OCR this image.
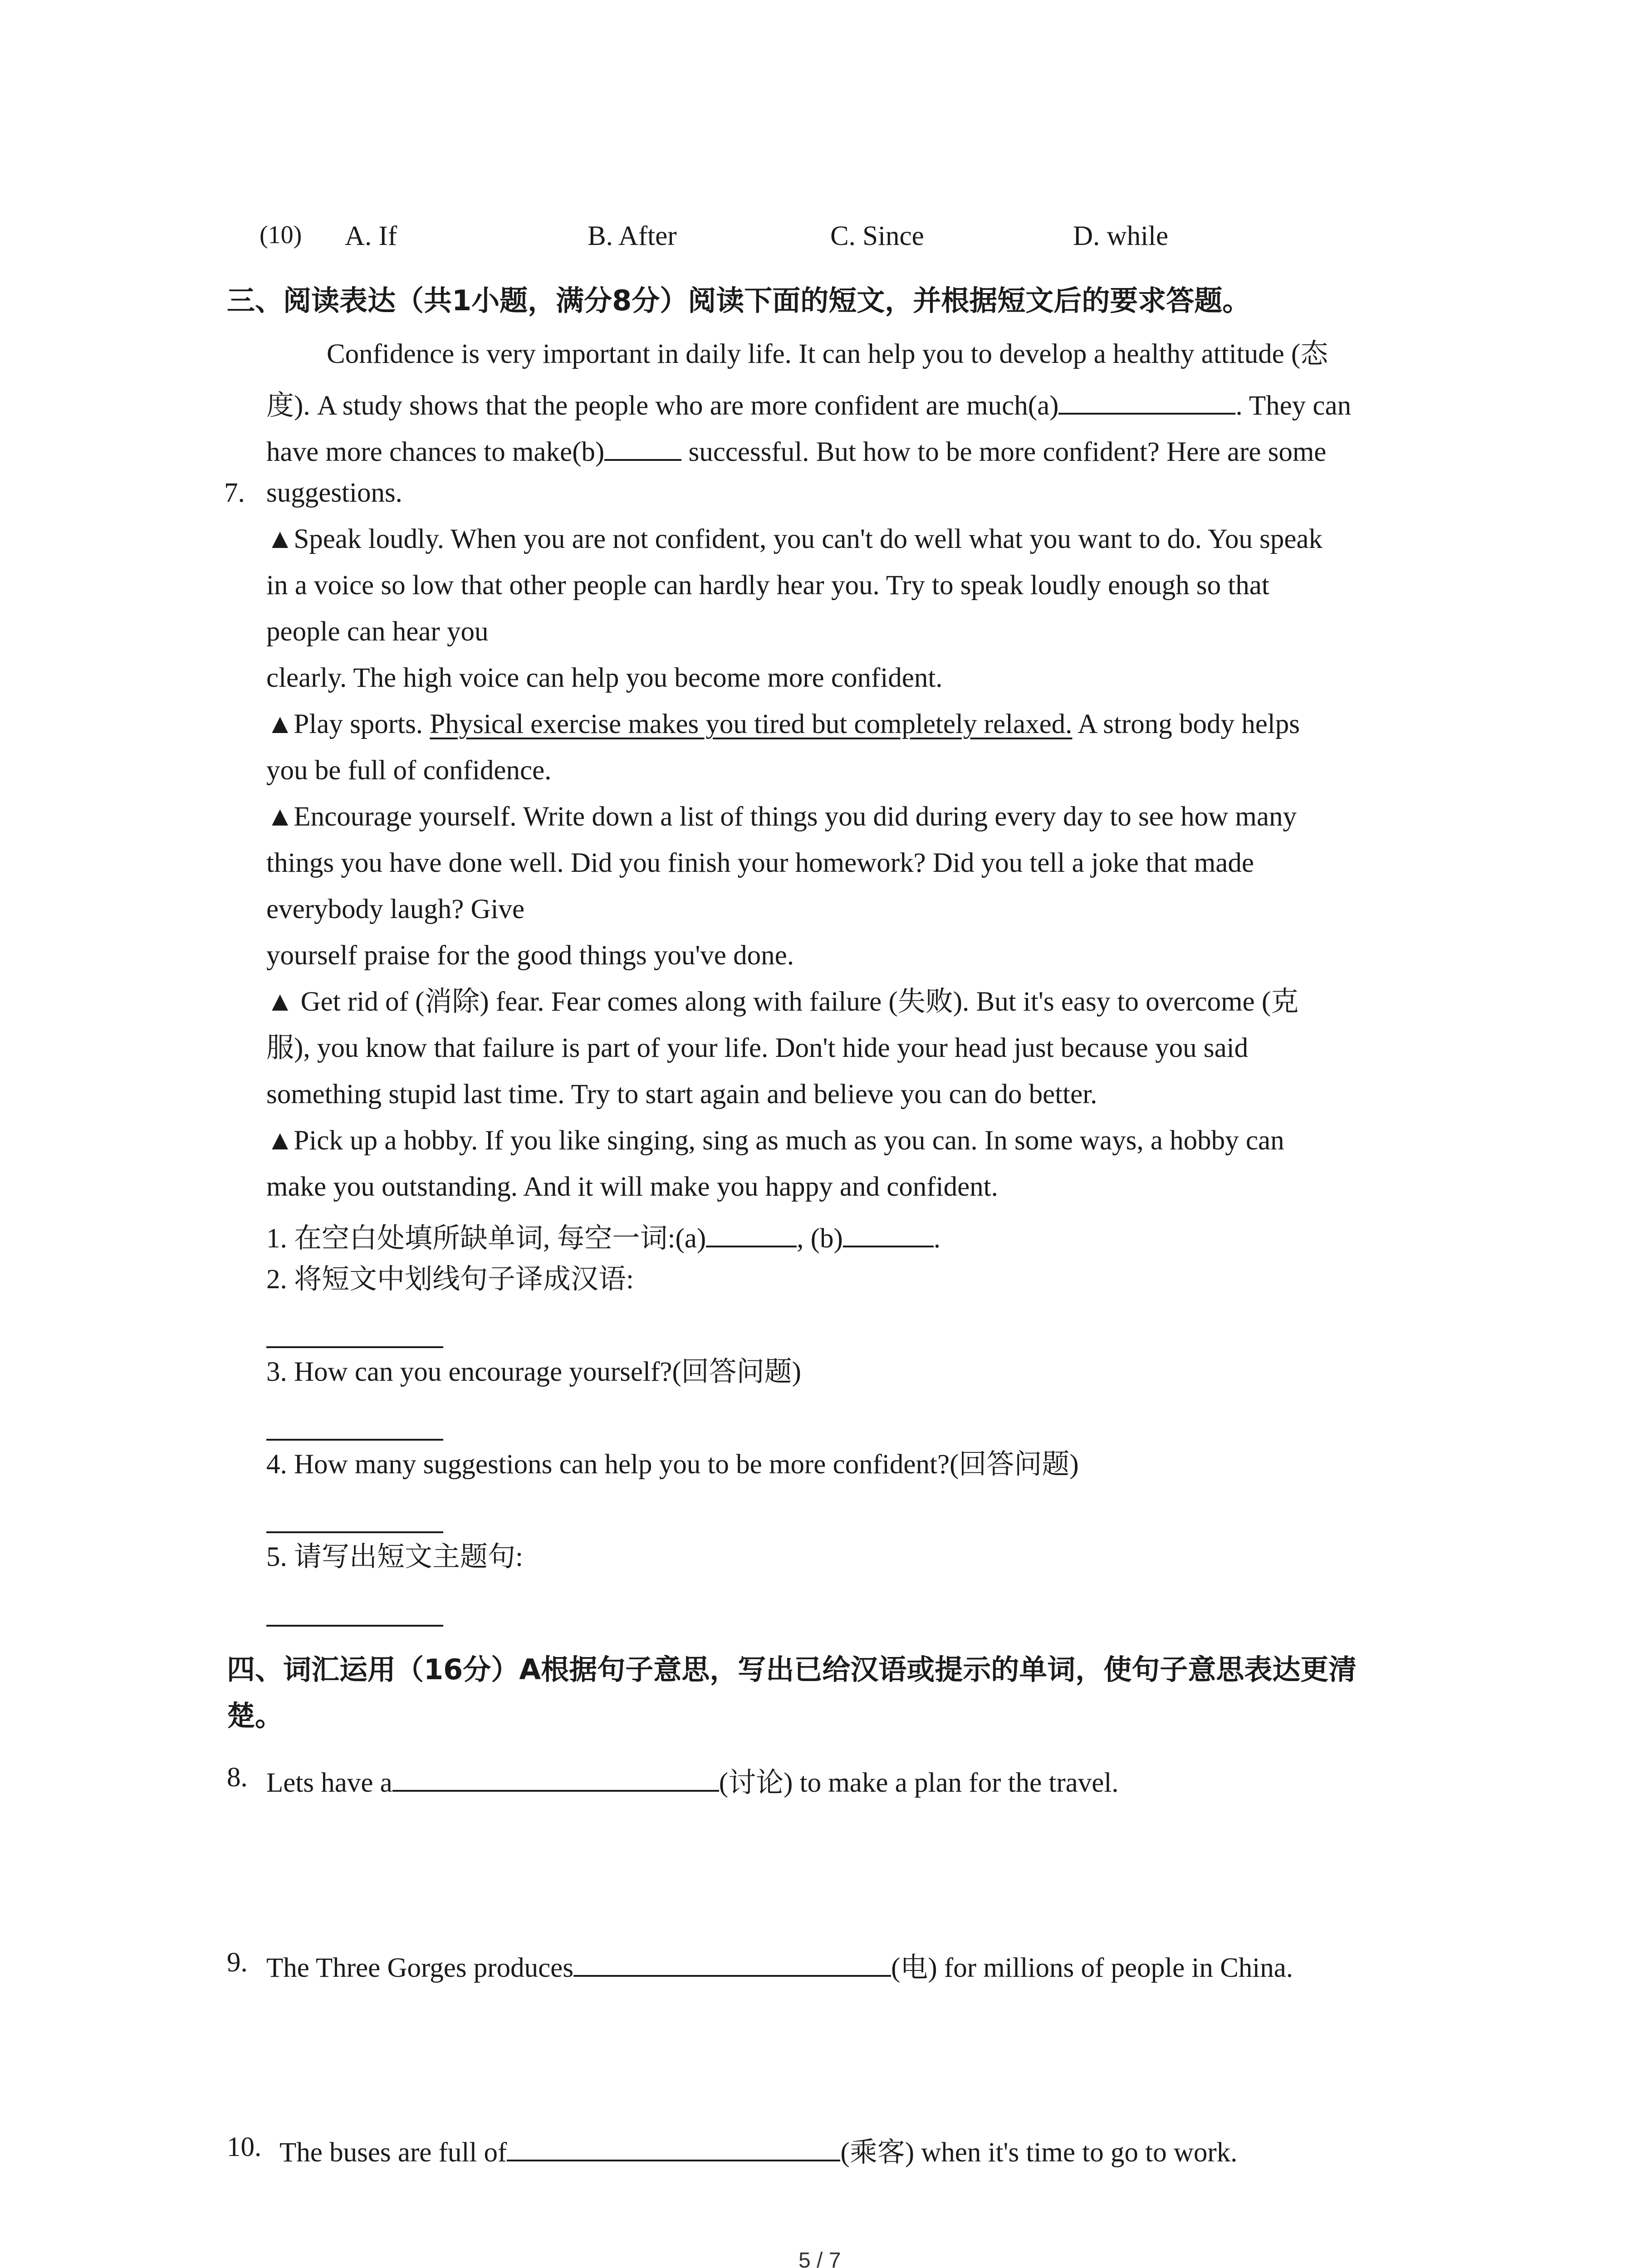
(10) A. If	B. After	C. Since	D. while
三、阅读表达（共1小题，满分8分）阅读下面的短文，并根据短文后的要求答题。
Confidence is very important in daily life. It can help you to develop a healthy attitude (态
度). A study shows that the people who are more confident are much(a)	. They can
have more chances to make(b)	successful. But how to be more confident? Here are some
7. suggestions.
▲Speak loudly. When you are not confident, you can't do well what you want to do. You speak
in a voice so low that other people can hardly hear you. Try to speak loudly enough so that
people can hear you
clearly. The high voice can help you become more confident.
▲Play sports. Physical exercise makes you tired but completely relaxed. A strong body helps
you be full of confidence.
▲Encourage yourself. Write down a list of things you did during every day to see how many
things you have done well. Did you finish your homework? Did you tell a joke that made
everybody laugh? Give
yourself praise for the good things you've done.
▲ Get rid of (消除) fear. Fear comes along with failure (失败). But it's easy to overcome (克
服), you know that failure is part of your life. Don't hide your head just because you said
something stupid last time. Try to start again and believe you can do better.
▲Pick up a hobby. If you like singing, sing as much as you can. In some ways, a hobby can
make you outstanding. And it will make you happy and confident.
1. 在空白处填所缺单词, 每空一词:(a)	, (b)	.
2. 将短文中划线句子译成汉语:
3. How can you encourage yourself?(回答问题)
4. How many suggestions can help you to be more confident?(回答问题)
5. 请写出短文主题句:
四、词汇运用（16分）A根据句子意思，写出已给汉语或提示的单词，使句子意思表达更清
楚。
8. Lets have a	(讨论) to make a plan for the travel.
9. The Three Gorges produces	(电) for millions of people in China.
10. The buses are full of	(乘客) when it's time to go to work.
5 / 7
